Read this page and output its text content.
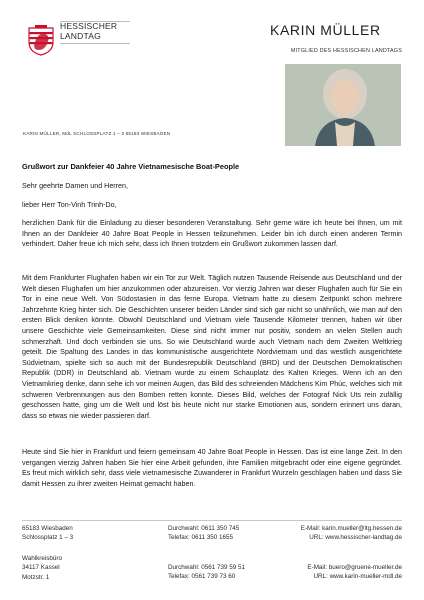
HESSISCHER
LANDTAG	KARIN MÜLLER
MITGLIED DES HESSISCHEN LANDTAGS
KARIN MÜLLER, MdL SCHLOSSPLATZ 1 – 3 65183 WIESBADEN
Grußwort zur Dankfeier 40 Jahre Vietnamesische Boat-People
Sehr geehrte Damen und Herren,
lieber Herr Ton-Vinh Trinh-Do,
herzlichen Dank für die Einladung zu dieser besonderen Veranstaltung. Sehr gerne wäre ich heute bei Ihnen, um mit Ihnen an der Dankfeier 40 Jahre Boat People in Hessen teilzunehmen. Leider bin ich durch einen anderen Termin verhindert. Daher freue ich mich sehr, dass ich Ihnen trotzdem ein Grußwort zukommen lassen darf.
Mit dem Frankfurter Flughafen haben wir ein Tor zur Welt. Täglich nutzen Tausende Reisende aus Deutschland und der Welt diesen Flughafen um hier anzukommen oder abzureisen. Vor vierzig Jahren war dieser Flughafen auch für Sie ein Tor in eine neue Welt. Von Südostasien in das ferne Europa. Vietnam hatte zu diesem Zeitpunkt schon mehrere Jahrzehnte Krieg hinter sich. Die Geschichten unserer beiden Länder sind sich gar nicht so unähnlich, wie man auf den ersten Blick denken könnte. Obwohl Deutschland und Vietnam viele Tausende Kilometer trennen, haben wir über unsere Geschichte viele Gemeinsamkeiten. Diese sind nicht immer nur positiv, sondern an vielen Stellen auch schmerzhaft. Und doch verbinden sie uns. So wie Deutschland wurde auch Vietnam nach dem Zweiten Weltkrieg geteilt. Die Spaltung des Landes in das kommunistische ausgerichtete Nordvietnam und das westlich ausgerichtete Südvietnam, spielte sich so auch mit der Bundesrepublik Deutschland (BRD) und der Deutschen Demokratischen Republik (DDR) in Deutschland ab. Vietnam wurde zu einem Schauplatz des Kalten Krieges. Wenn ich an den Vietnamkrieg denke, dann sehe ich vor meinen Augen, das Bild des schreienden Mädchens Kim Phúc, welches sich mit schweren Verbrennungen aus den Bomben retten konnte. Dieses Bild, welches der Fotograf Nick Uts rein zufällig geschossen hatte, ging um die Welt und löst bis heute nicht nur starke Emotionen aus, sondern erinnert uns daran, dass so etwas nie wieder passieren darf.
Heute sind Sie hier in Frankfurt und feiern gemeinsam 40 Jahre Boat People in Hessen. Das ist eine lange Zeit. In den vergangen vierzig Jahren haben Sie hier eine Arbeit gefunden, ihre Familien mitgebracht oder eine eigene gegründet. Es freut mich wirklich sehr, dass viele vietnamesische Zuwanderer in Frankfurt Wurzeln geschlagen haben und dass Sie damit Hessen zu ihrer zweiten Heimat gemacht haben.
65183 Wiesbaden
Schlossplatz 1 – 3
Durchwahl: 0611 350 745
Telefax: 0611 350 1655
E-Mail: karin.mueller@ltg.hessen.de
URL: www.hessischer-landtag.de
Wahlkreisbüro
34117 Kassel
Motzstr. 1
Durchwahl: 0561 739 59 51
Telefax: 0561 739 73 60
E-Mail: buero@gruene-mueller.de
URL: www.karin-mueller-mdl.de
